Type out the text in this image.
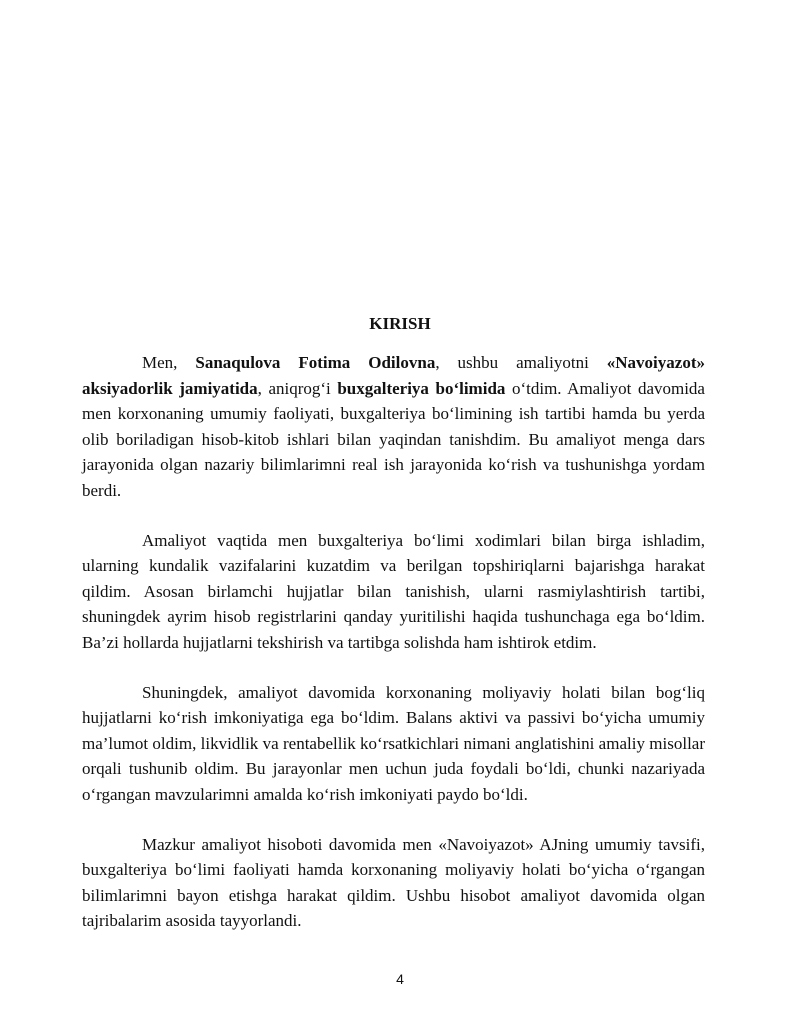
KIRISH

Men, Sanaqulova Fotima Odilovna, ushbu amaliyotni «Navoiyazot» aksiyadorlik jamiyatida, aniqrog‘i buxgalteriya bo‘limida o‘tdim. Amaliyot davomida men korxonaning umumiy faoliyati, buxgalteriya bo‘limining ish tartibi hamda bu yerda olib boriladigan hisob-kitob ishlari bilan yaqindan tanishdim. Bu amaliyot menga dars jarayonida olgan nazariy bilimlarimni real ish jarayonida ko‘rish va tushunishga yordam berdi.

Amaliyot vaqtida men buxgalteriya bo‘limi xodimlari bilan birga ishladim, ularning kundalik vazifalarini kuzatdim va berilgan topshiriqlarni bajarishga harakat qildim. Asosan birlamchi hujjatlar bilan tanishish, ularni rasmiylashtirish tartibi, shuningdek ayrim hisob registrlarini qanday yuritilishi haqida tushunchaga ega bo‘ldim. Ba’zi hollarda hujjatlarni tekshirish va tartibga solishda ham ishtirok etdim.

Shuningdek, amaliyot davomida korxonaning moliyaviy holati bilan bog‘liq hujjatlarni ko‘rish imkoniyatiga ega bo‘ldim. Balans aktivi va passivi bo‘yicha umumiy ma’lumot oldim, likvidlik va rentabellik ko‘rsatkichlari nimani anglatishini amaliy misollar orqali tushunib oldim. Bu jarayonlar men uchun juda foydali bo‘ldi, chunki nazariyada o‘rgangan mavzularimni amalda ko‘rish imkoniyati paydo bo‘ldi.

Mazkur amaliyot hisoboti davomida men «Navoiyazot» AJning umumiy tavsifi, buxgalteriya bo‘limi faoliyati hamda korxonaning moliyaviy holati bo‘yicha o‘rgangan bilimlarimni bayon etishga harakat qildim. Ushbu hisobot amaliyot davomida olgan tajribalarim asosida tayyorlandi.

4
